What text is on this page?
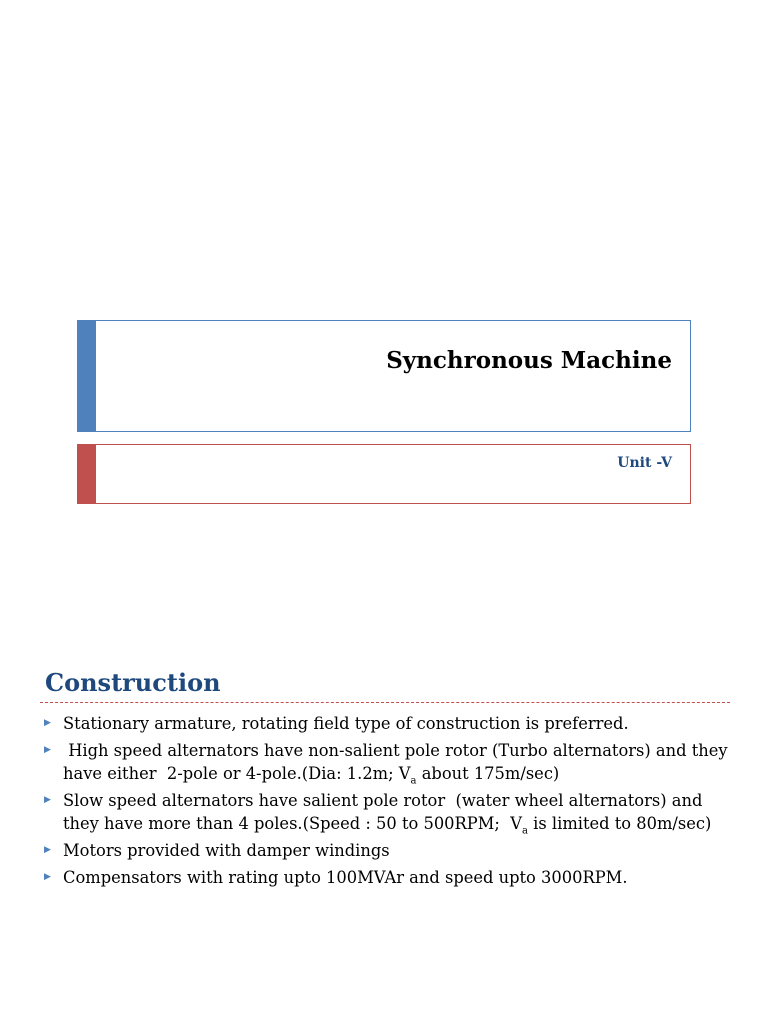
Synchronous Machine
Unit -V
Construction
▶ Stationary armature, rotating field type of construction is preferred.
▶ High speed alternators have non-salient pole rotor (Turbo alternators) and they have either  2-pole or 4-pole.(Dia: 1.2m; $V_a$ about 175m/sec)
▶ Slow speed alternators have salient pole rotor  (water wheel alternators) and they have more than 4 poles.(Speed : 50 to 500RPM;  $V_a$ is limited to 80m/sec)
▶ Motors provided with damper windings
▶ Compensators with rating upto 100MVAr and speed upto 3000RPM.
